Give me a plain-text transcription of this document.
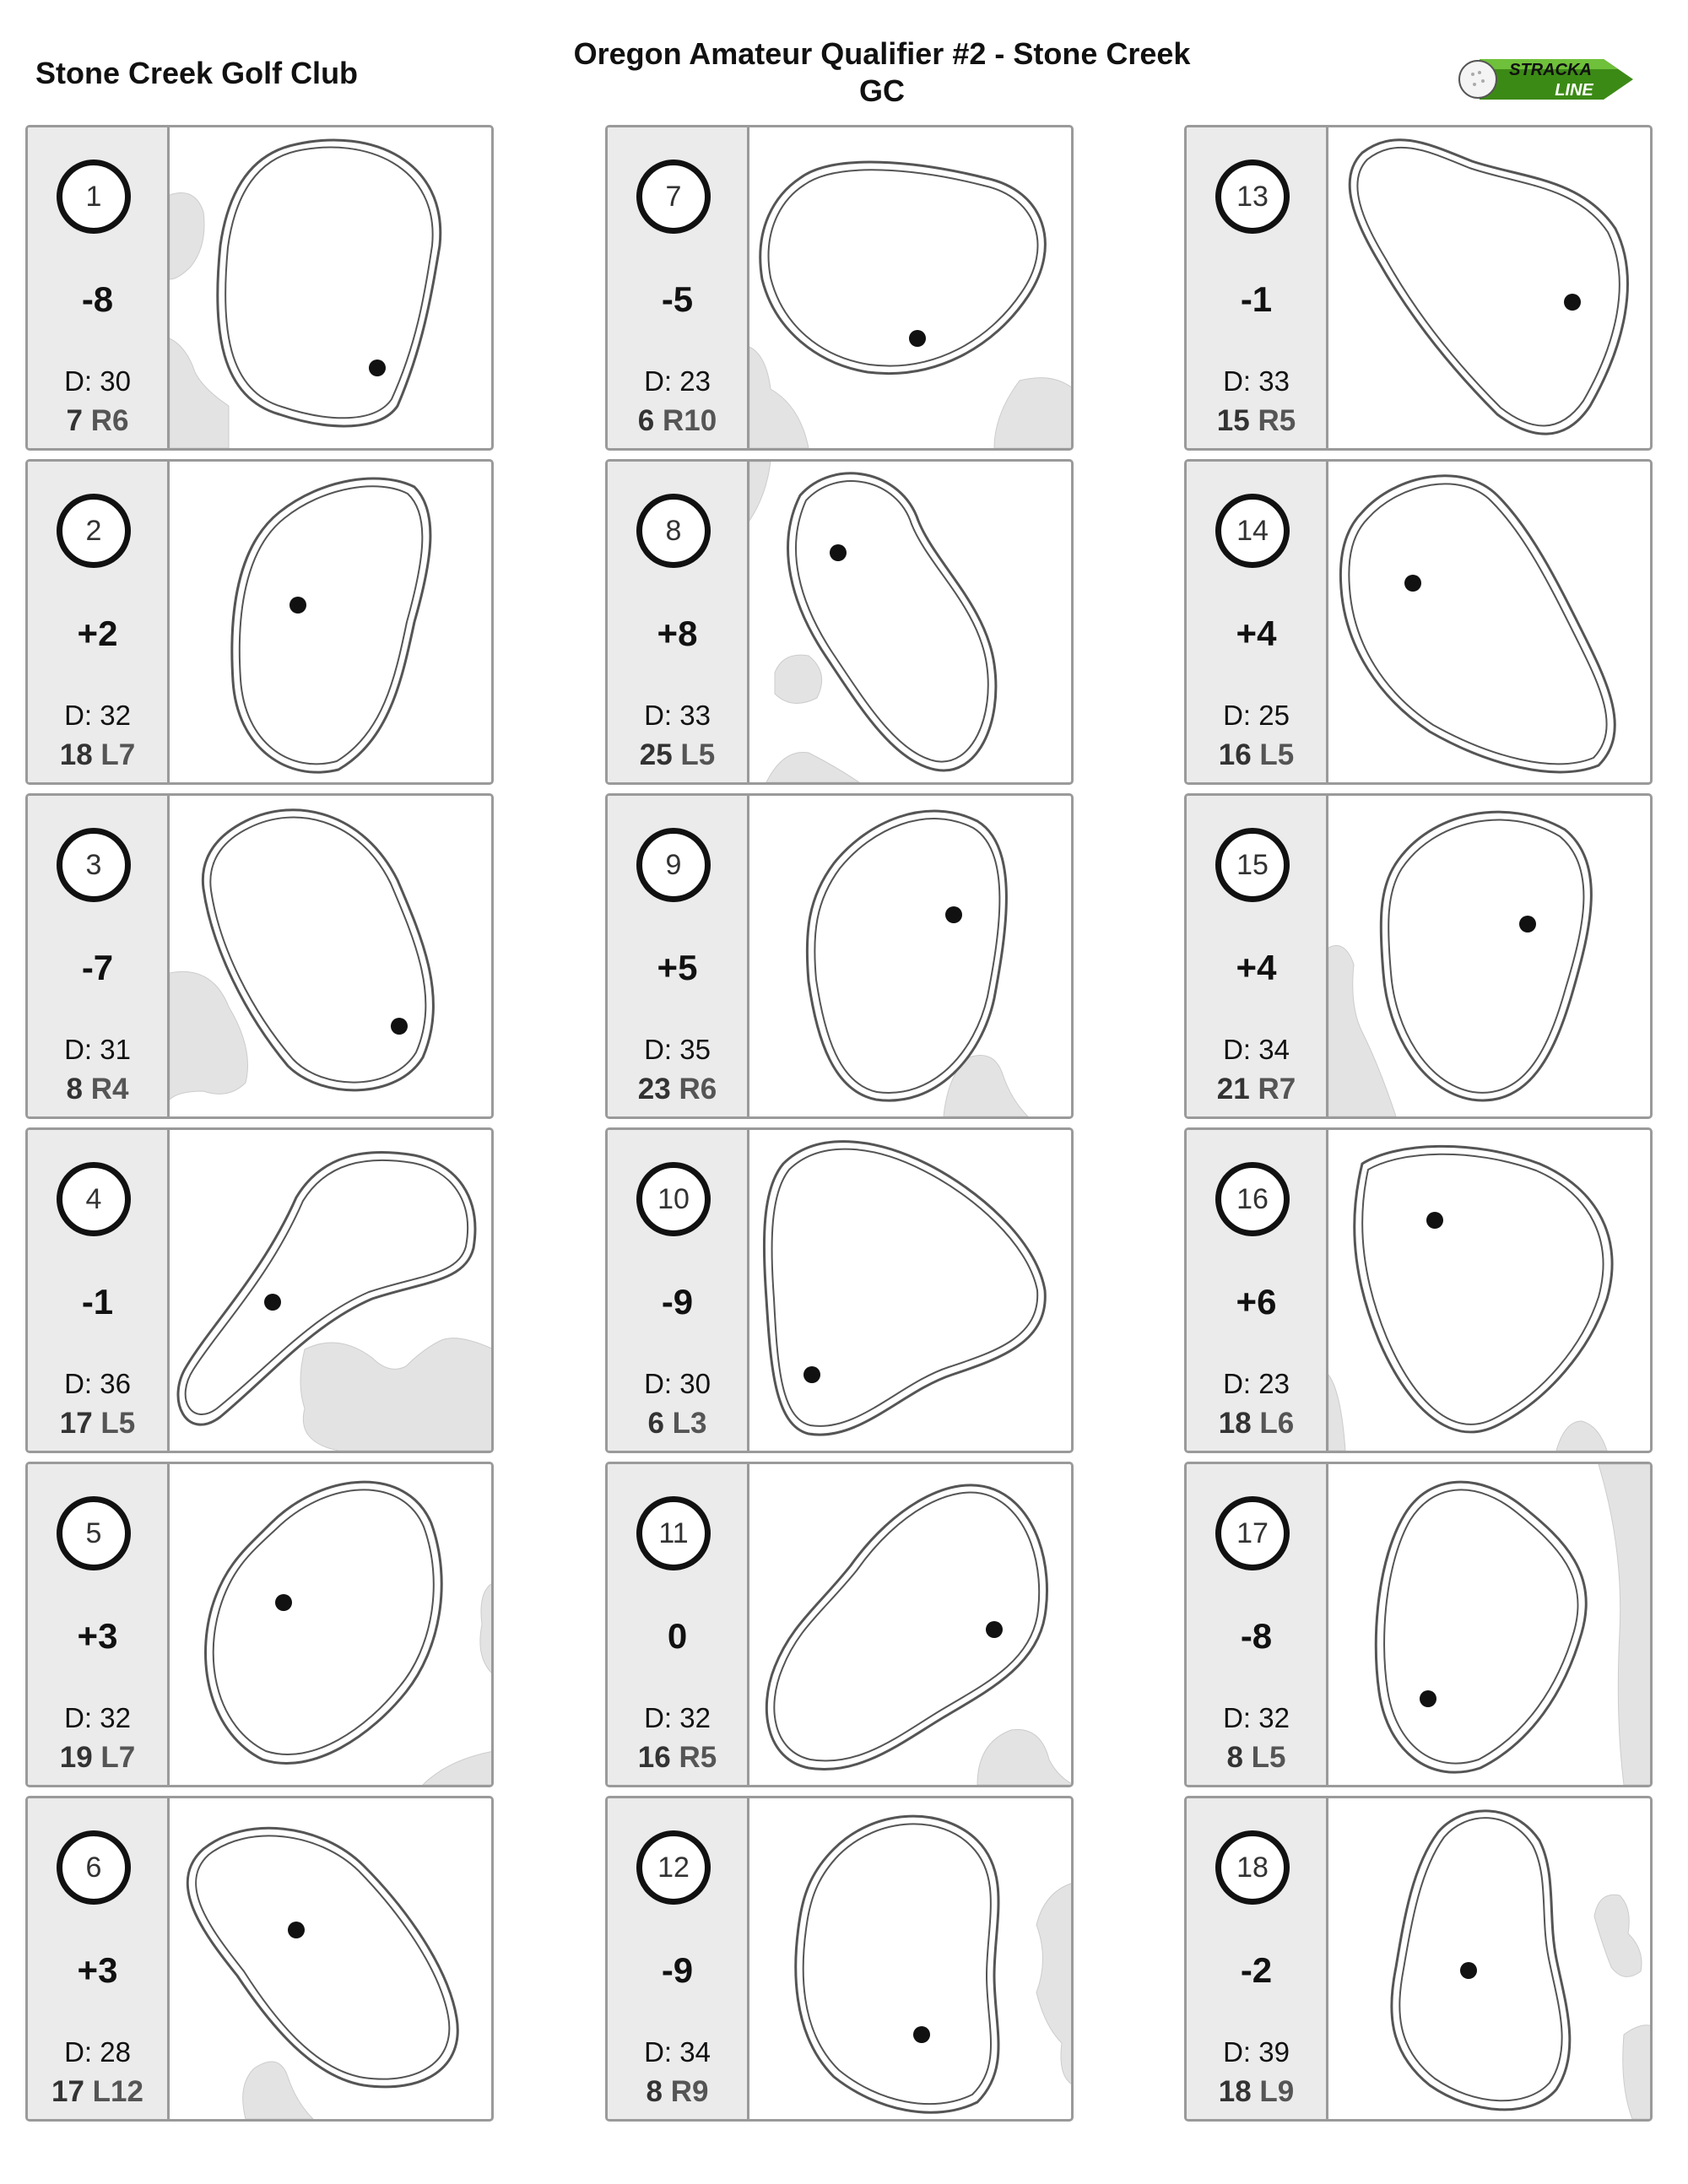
Stone Creek Golf Club
Oregon Amateur Qualifier #2 - Stone Creek
GC
STRACKA
LINE
1
-8
D: 30
7 R6
2
+2
D: 32
18 L7
3
-7
D: 31
8 R4
4
-1
D: 36
17 L5
5
+3
D: 32
19 L7
6
+3
D: 28
17 L12
7
-5
D: 23
6 R10
8
+8
D: 33
25 L5
9
+5
D: 35
23 R6
10
-9
D: 30
6 L3
11
0
D: 32
16 R5
12
-9
D: 34
8 R9
13
-1
D: 33
15 R5
14
+4
D: 25
16 L5
15
+4
D: 34
21 R7
16
+6
D: 23
18 L6
17
-8
D: 32
8 L5
18
-2
D: 39
18 L9
